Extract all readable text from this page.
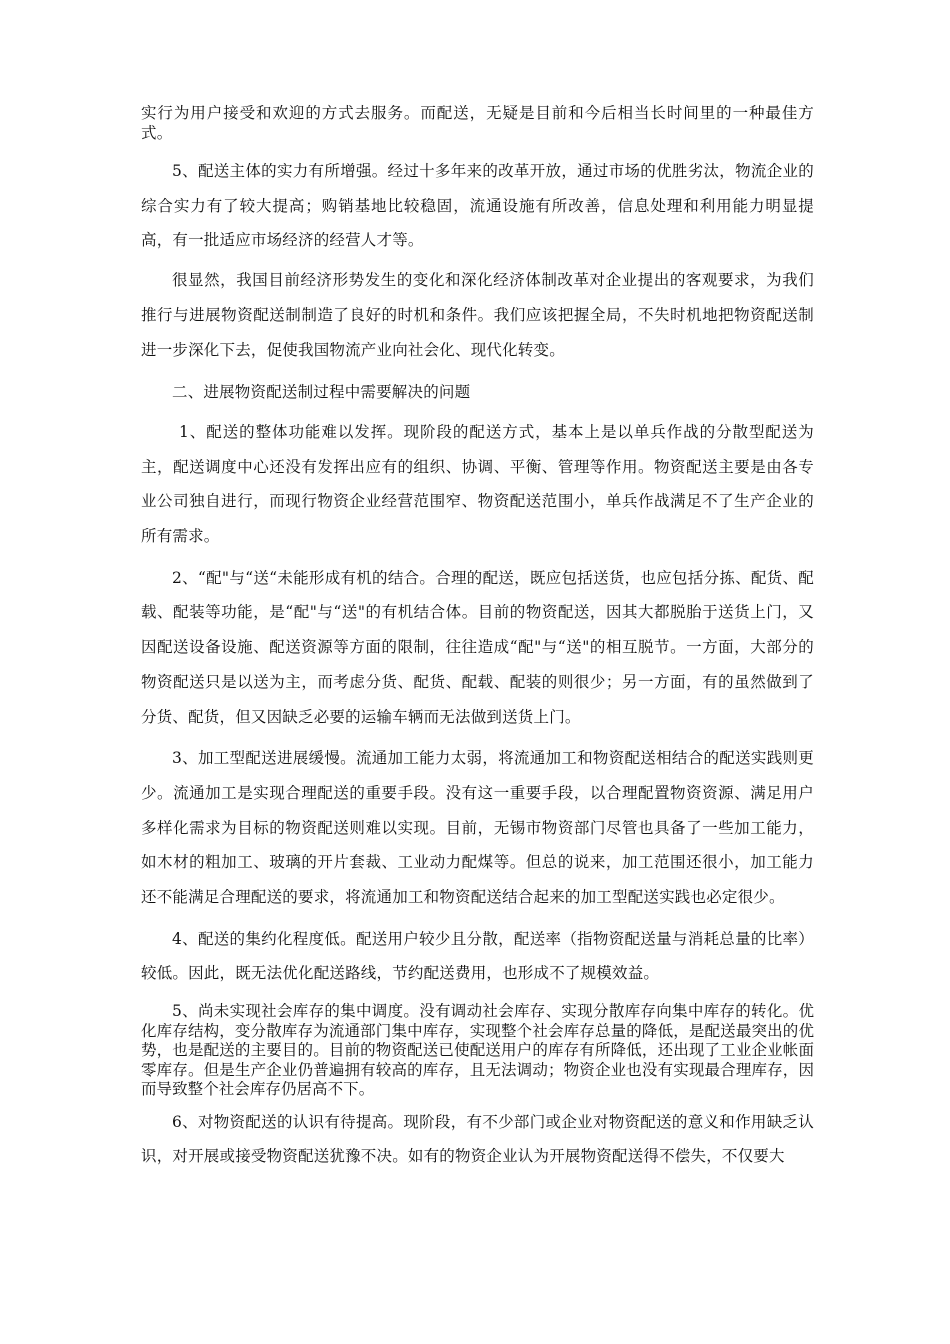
实行为用户接受和欢迎的方式去服务。而配送，无疑是目前和今后相当长时间里的一种最佳方式。

5、配送主体的实力有所增强。经过十多年来的改革开放，通过市场的优胜劣汰，物流企业的综合实力有了较大提高；购销基地比较稳固，流通设施有所改善，信息处理和利用能力明显提高，有一批适应市场经济的经营人才等。

很显然，我国目前经济形势发生的变化和深化经济体制改革对企业提出的客观要求，为我们推行与进展物资配送制制造了良好的时机和条件。我们应该把握全局，不失时机地把物资配送制进一步深化下去，促使我国物流产业向社会化、现代化转变。

二、进展物资配送制过程中需要解决的问题

1、配送的整体功能难以发挥。现阶段的配送方式，基本上是以单兵作战的分散型配送为主，配送调度中心还没有发挥出应有的组织、协调、平衡、管理等作用。物资配送主要是由各专业公司独自进行，而现行物资企业经营范围窄、物资配送范围小，单兵作战满足不了生产企业的所有需求。

2、“配"与“送“未能形成有机的结合。合理的配送，既应包括送货，也应包括分拣、配货、配载、配装等功能，是“配"与“送"的有机结合体。目前的物资配送，因其大都脱胎于送货上门，又因配送设备设施、配送资源等方面的限制，往往造成“配"与“送"的相互脱节。一方面，大部分的物资配送只是以送为主，而考虑分货、配货、配载、配装的则很少；另一方面，有的虽然做到了分货、配货，但又因缺乏必要的运输车辆而无法做到送货上门。

3、加工型配送进展缓慢。流通加工能力太弱，将流通加工和物资配送相结合的配送实践则更少。流通加工是实现合理配送的重要手段。没有这一重要手段，以合理配置物资资源、满足用户多样化需求为目标的物资配送则难以实现。目前，无锡市物资部门尽管也具备了一些加工能力，如木材的粗加工、玻璃的开片套裁、工业动力配煤等。但总的说来，加工范围还很小，加工能力还不能满足合理配送的要求，将流通加工和物资配送结合起来的加工型配送实践也必定很少。

4、配送的集约化程度低。配送用户较少且分散，配送率（指物资配送量与消耗总量的比率）较低。因此，既无法优化配送路线，节约配送费用，也形成不了规模效益。

5、尚未实现社会库存的集中调度。没有调动社会库存、实现分散库存向集中库存的转化。优化库存结构，变分散库存为流通部门集中库存，实现整个社会库存总量的降低，是配送最突出的优势，也是配送的主要目的。目前的物资配送已使配送用户的库存有所降低，还出现了工业企业帐面零库存。但是生产企业仍普遍拥有较高的库存，且无法调动；物资企业也没有实现最合理库存，因而导致整个社会库存仍居高不下。

6、对物资配送的认识有待提高。现阶段，有不少部门或企业对物资配送的意义和作用缺乏认识，对开展或接受物资配送犹豫不决。如有的物资企业认为开展物资配送得不偿失，不仅要大
